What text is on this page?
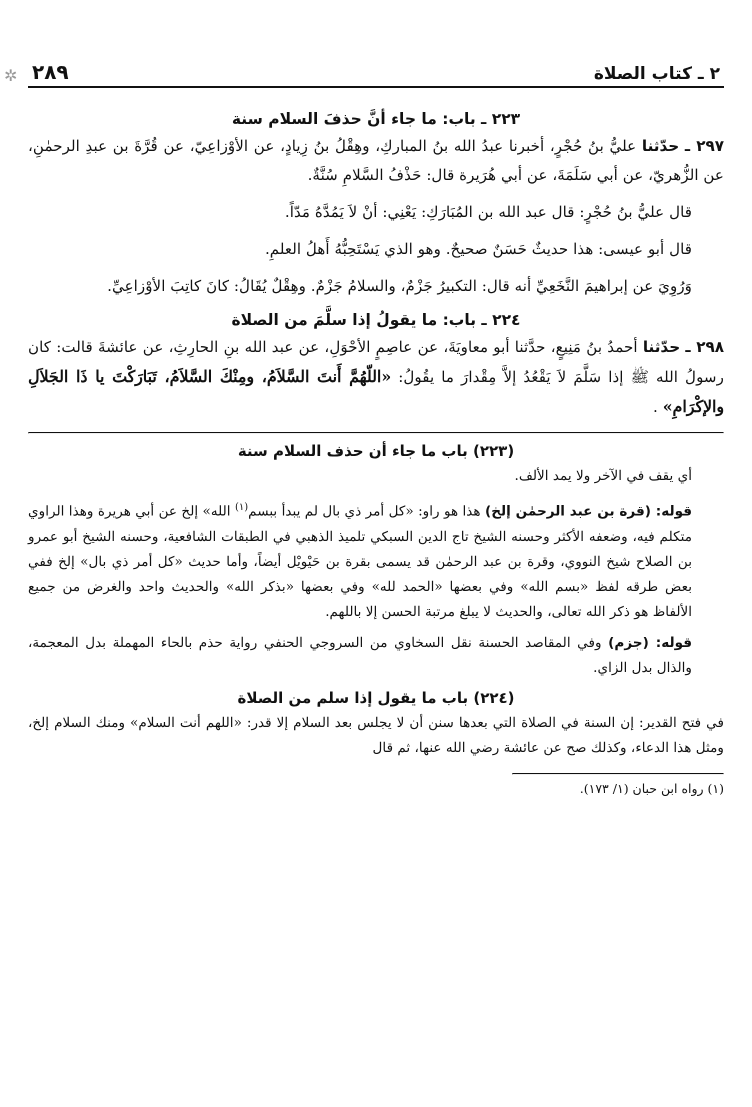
٢ ـ كتاب الصلاة
٢٨٩
٢٢٣ ـ باب: ما جاء أنَّ حذفَ السلام سنة

٢٩٧ ـ حدّثنا عليُّ بنُ حُجْرٍ، أخبرنا عبدُ الله بنُ المباركِ، وهِقْلُ بنُ زِيادٍ، عن الأوْزاعِيّ، عن قُرَّةَ بن عبدِ الرحمٰنِ، عن الزُّهريّ، عن أبي سَلَمَةَ، عن أبي هُرَيرة قال: حَذْفُ السَّلامِ سُنَّةٌ.

قال عليُّ بنُ حُجْرٍ: قال عبد الله بن المُبَارَكِ: يَعْنِي: أنْ لاَ يَمُدَّهُ مَدّاً.

قال أبو عيسى: هذا حديثٌ حَسَنٌ صحيحٌ. وهو الذي يَسْتَحِبُّهُ أَهلُ العلمِ.

وَرُوِيَ عن إبراهيمَ النَّخَعِيِّ أنه قال: التكبيرُ جَزْمٌ، والسلامُ جَزْمٌ. وهِقْلٌ يُقَالُ: كانَ كاتِبَ الأوْزاعِيِّ.

٢٢٤ ـ باب: ما يقولُ إذا سلَّمَ من الصلاة

٢٩٨ ـ حدّثنا أحمدُ بنُ مَنِيعٍ، حدَّثنا أبو معاويَةَ، عن عاصِمٍ الأحْوَلِ، عن عبد الله بنِ الحارِثِ، عن عائشةَ قالت: كان رسولُ الله ﷺ إذا سَلَّمَ لاَ يَقْعُدُ إلاَّ مِقْدارَ ما يقُولُ: «اللّهُمَّ أَنتَ السَّلاَمُ، ومِنْكَ السَّلاَمُ، تَبَارَكْتَ يا ذَا الجَلاَلِ والإكْرَامِ» .

(٢٢٣) باب ما جاء أن حذف السلام سنة

أي يقف في الآخر ولا يمد الألف.

قوله: (قرة بن عبد الرحمٰن إلخ) هذا هو راو: «كل أمر ذي بال لم يبدأ ببسم$^{(١)}$ الله» إلخ عن أبي هريرة وهذا الراوي متكلم فيه، وضعفه الأكثر وحسنه الشيخ تاج الدين السبكي تلميذ الذهبي في الطبقات الشافعية، وحسنه الشيخ أبو عمرو بن الصلاح شيخ النووي، وقرة بن عبد الرحمٰن قد يسمى بقرة بن حَيْويْل أيضاً، وأما حديث «كل أمر ذي بال» إلخ ففي بعض طرقه لفظ «بسم الله» وفي بعضها «الحمد لله» وفي بعضها «بذكر الله» والحديث واحد والغرض من جميع الألفاظ هو ذكر الله تعالى، والحديث لا يبلغ مرتبة الحسن إلا باللهم.

قوله: (جزم) وفي المقاصد الحسنة نقل السخاوي من السروجي الحنفي رواية حذم بالحاء المهملة بدل المعجمة، والذال بدل الزاي.

(٢٢٤) باب ما يقول إذا سلم من الصلاة

في فتح القدير: إن السنة في الصلاة التي بعدها سنن أن لا يجلس بعد السلام إلا قدر: «اللهم أنت السلام» ومنك السلام إلخ، ومثل هذا الدعاء، وكذلك صح عن عائشة رضي الله عنها، ثم قال

(١) رواه ابن حبان (١/ ١٧٣).

✲
